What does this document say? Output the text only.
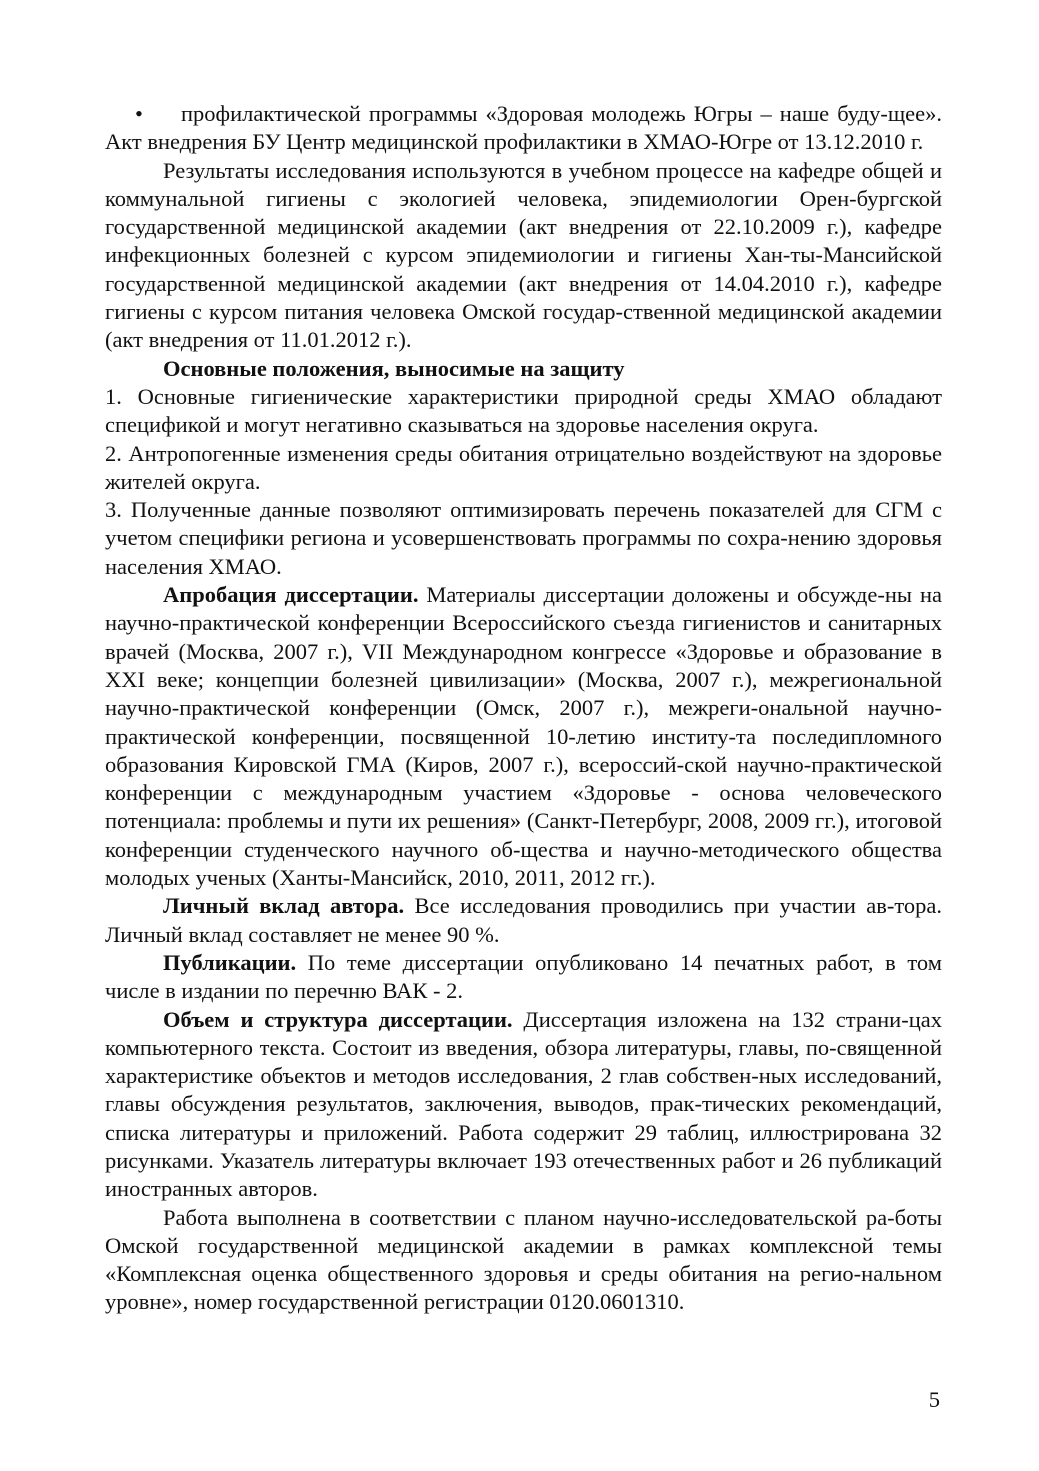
• профилактической программы «Здоровая молодежь Югры – наше буду-щее». Акт внедрения БУ Центр медицинской профилактики в ХМАО-Югре от 13.12.2010 г.

Результаты исследования используются в учебном процессе на кафедре общей и коммунальной гигиены с экологией человека, эпидемиологии Орен-бургской государственной медицинской академии (акт внедрения от 22.10.2009 г.), кафедре инфекционных болезней с курсом эпидемиологии и гигиены Хан-ты-Мансийской государственной медицинской академии (акт внедрения от 14.04.2010 г.), кафедре гигиены с курсом питания человека Омской государ-ственной медицинской академии (акт внедрения от 11.01.2012 г.).

Основные положения, выносимые на защиту

1. Основные гигиенические характеристики природной среды ХМАО обладают спецификой и могут негативно сказываться на здоровье населения округа.

2. Антропогенные изменения среды обитания отрицательно воздействуют на здоровье жителей округа.

3. Полученные данные позволяют оптимизировать перечень показателей для СГМ с учетом специфики региона и усовершенствовать программы по сохра-нению здоровья населения ХМАО.

Апробация диссертации. Материалы диссертации доложены и обсужде-ны на научно-практической конференции Всероссийского съезда гигиенистов и санитарных врачей (Москва, 2007 г.), VII Международном конгрессе «Здоровье и образование в XXI веке; концепции болезней цивилизации» (Москва, 2007 г.), межрегиональной научно-практической конференции (Омск, 2007 г.), межреги-ональной научно-практической конференции, посвященной 10-летию институ-та последипломного образования Кировской ГМА (Киров, 2007 г.), всероссий-ской научно-практической конференции с международным участием «Здоровье - основа человеческого потенциала: проблемы и пути их решения» (Санкт-Петербург, 2008, 2009 гг.), итоговой конференции студенческого научного об-щества и научно-методического общества молодых ученых (Ханты-Мансийск, 2010, 2011, 2012 гг.).

Личный вклад автора. Все исследования проводились при участии ав-тора. Личный вклад составляет не менее 90 %.

Публикации. По теме диссертации опубликовано 14 печатных работ, в том числе в издании по перечню ВАК - 2.

Объем и структура диссертации. Диссертация изложена на 132 страни-цах компьютерного текста. Состоит из введения, обзора литературы, главы, по-священной характеристике объектов и методов исследования, 2 глав собствен-ных исследований, главы обсуждения результатов, заключения, выводов, прак-тических рекомендаций, списка литературы и приложений. Работа содержит 29 таблиц, иллюстрирована 32 рисунками. Указатель литературы включает 193 отечественных работ и 26 публикаций иностранных авторов.

Работа выполнена в соответствии с планом научно-исследовательской ра-боты Омской государственной медицинской академии в рамках комплексной темы «Комплексная оценка общественного здоровья и среды обитания на регио-нальном уровне», номер государственной регистрации 0120.0601310.

5
